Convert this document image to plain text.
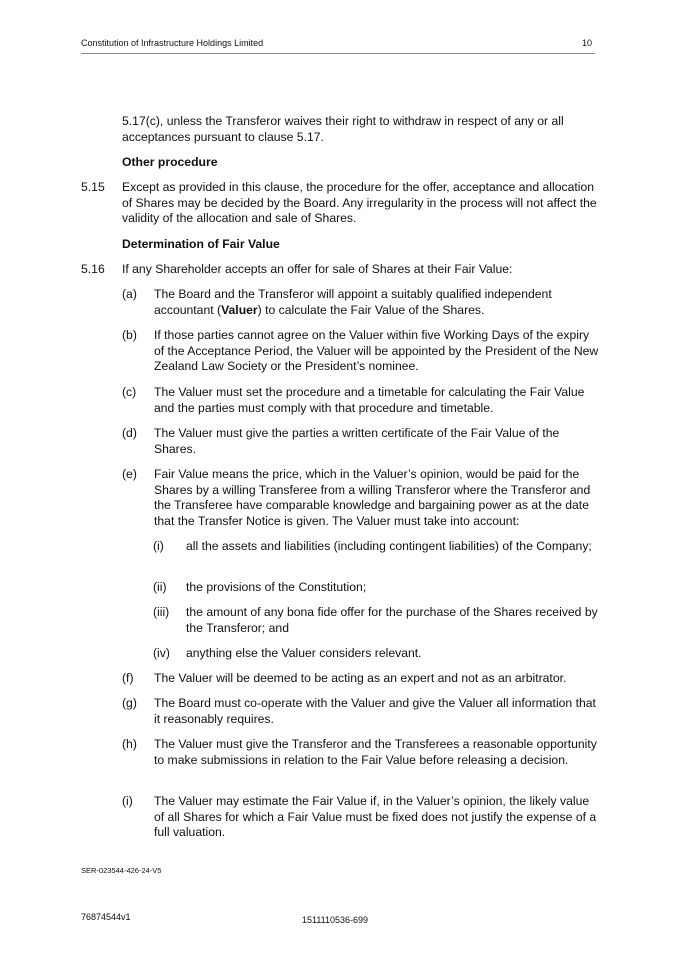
Constitution of Infrastructure Holdings Limited	10
5.17(c), unless the Transferor waives their right to withdraw in respect of any or all acceptances pursuant to clause 5.17.
Other procedure
5.15 Except as provided in this clause, the procedure for the offer, acceptance and allocation of Shares may be decided by the Board. Any irregularity in the process will not affect the validity of the allocation and sale of Shares.
Determination of Fair Value
5.16 If any Shareholder accepts an offer for sale of Shares at their Fair Value:
(a) The Board and the Transferor will appoint a suitably qualified independent accountant (Valuer) to calculate the Fair Value of the Shares.
(b) If those parties cannot agree on the Valuer within five Working Days of the expiry of the Acceptance Period, the Valuer will be appointed by the President of the New Zealand Law Society or the President’s nominee.
(c) The Valuer must set the procedure and a timetable for calculating the Fair Value and the parties must comply with that procedure and timetable.
(d) The Valuer must give the parties a written certificate of the Fair Value of the Shares.
(e) Fair Value means the price, which in the Valuer’s opinion, would be paid for the Shares by a willing Transferee from a willing Transferor where the Transferor and the Transferee have comparable knowledge and bargaining power as at the date that the Transfer Notice is given. The Valuer must take into account:
(i) all the assets and liabilities (including contingent liabilities) of the Company;
(ii) the provisions of the Constitution;
(iii) the amount of any bona fide offer for the purchase of the Shares received by the Transferor; and
(iv) anything else the Valuer considers relevant.
(f) The Valuer will be deemed to be acting as an expert and not as an arbitrator.
(g) The Board must co-operate with the Valuer and give the Valuer all information that it reasonably requires.
(h) The Valuer must give the Transferor and the Transferees a reasonable opportunity to make submissions in relation to the Fair Value before releasing a decision.
(i) The Valuer may estimate the Fair Value if, in the Valuer’s opinion, the likely value of all Shares for which a Fair Value must be fixed does not justify the expense of a full valuation.
SER-023544-426-24-V5
76874544v1	1511110536-699
